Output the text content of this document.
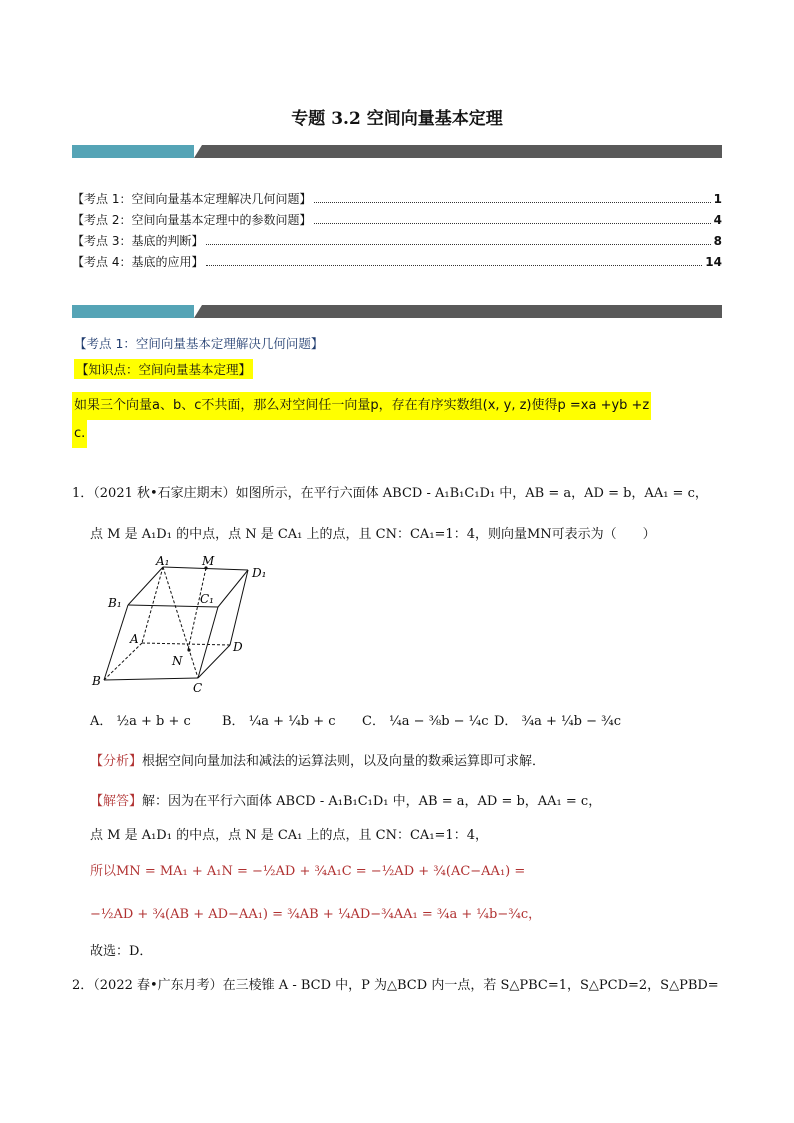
专题 3.2 空间向量基本定理
【考点 1：空间向量基本定理解决几何问题】	1
【考点 2：空间向量基本定理中的参数问题】	4
【考点 3：基底的判断】	8
【考点 4：基底的应用】	14
【考点 1：空间向量基本定理解决几何问题】
【知识点：空间向量基本定理】
如果三个向量a、b、c不共面，那么对空间任一向量p，存在有序实数组(x, y, z)使得p =xa +yb +z
c.
1．（2021 秋•石家庄期末）如图所示，在平行六面体 ABCD - A₁B₁C₁D₁ 中，AB = a，AD = b，AA₁ = c，
点 M 是 A₁D₁ 的中点，点 N 是 CA₁ 上的点，且 CN：CA₁=1：4，则向量MN可表示为（　　）
A₁	M
D₁
B₁	C₁
A
D
N
B	C
A． ½a + b + c	B． ¼a + ¼b + c	C． ¼a − ⅜b − ¼c D． ¾a + ¼b − ¾c
【分析】根据空间向量加法和减法的运算法则，以及向量的数乘运算即可求解．
【解答】解：因为在平行六面体 ABCD - A₁B₁C₁D₁ 中，AB = a，AD = b，AA₁ = c，
点 M 是 A₁D₁ 的中点，点 N 是 CA₁ 上的点，且 CN：CA₁=1：4，
所以MN = MA₁ + A₁N = −½AD + ¾A₁C = −½AD + ¾(AC−AA₁) =
−½AD + ¾(AB + AD−AA₁) = ¾AB + ¼AD−¾AA₁ = ¾a + ¼b−¾c，
故选：D．
2．（2022 春•广东月考）在三棱锥 A - BCD 中，P 为△BCD 内一点，若 S△PBC=1，S△PCD=2，S△PBD=
